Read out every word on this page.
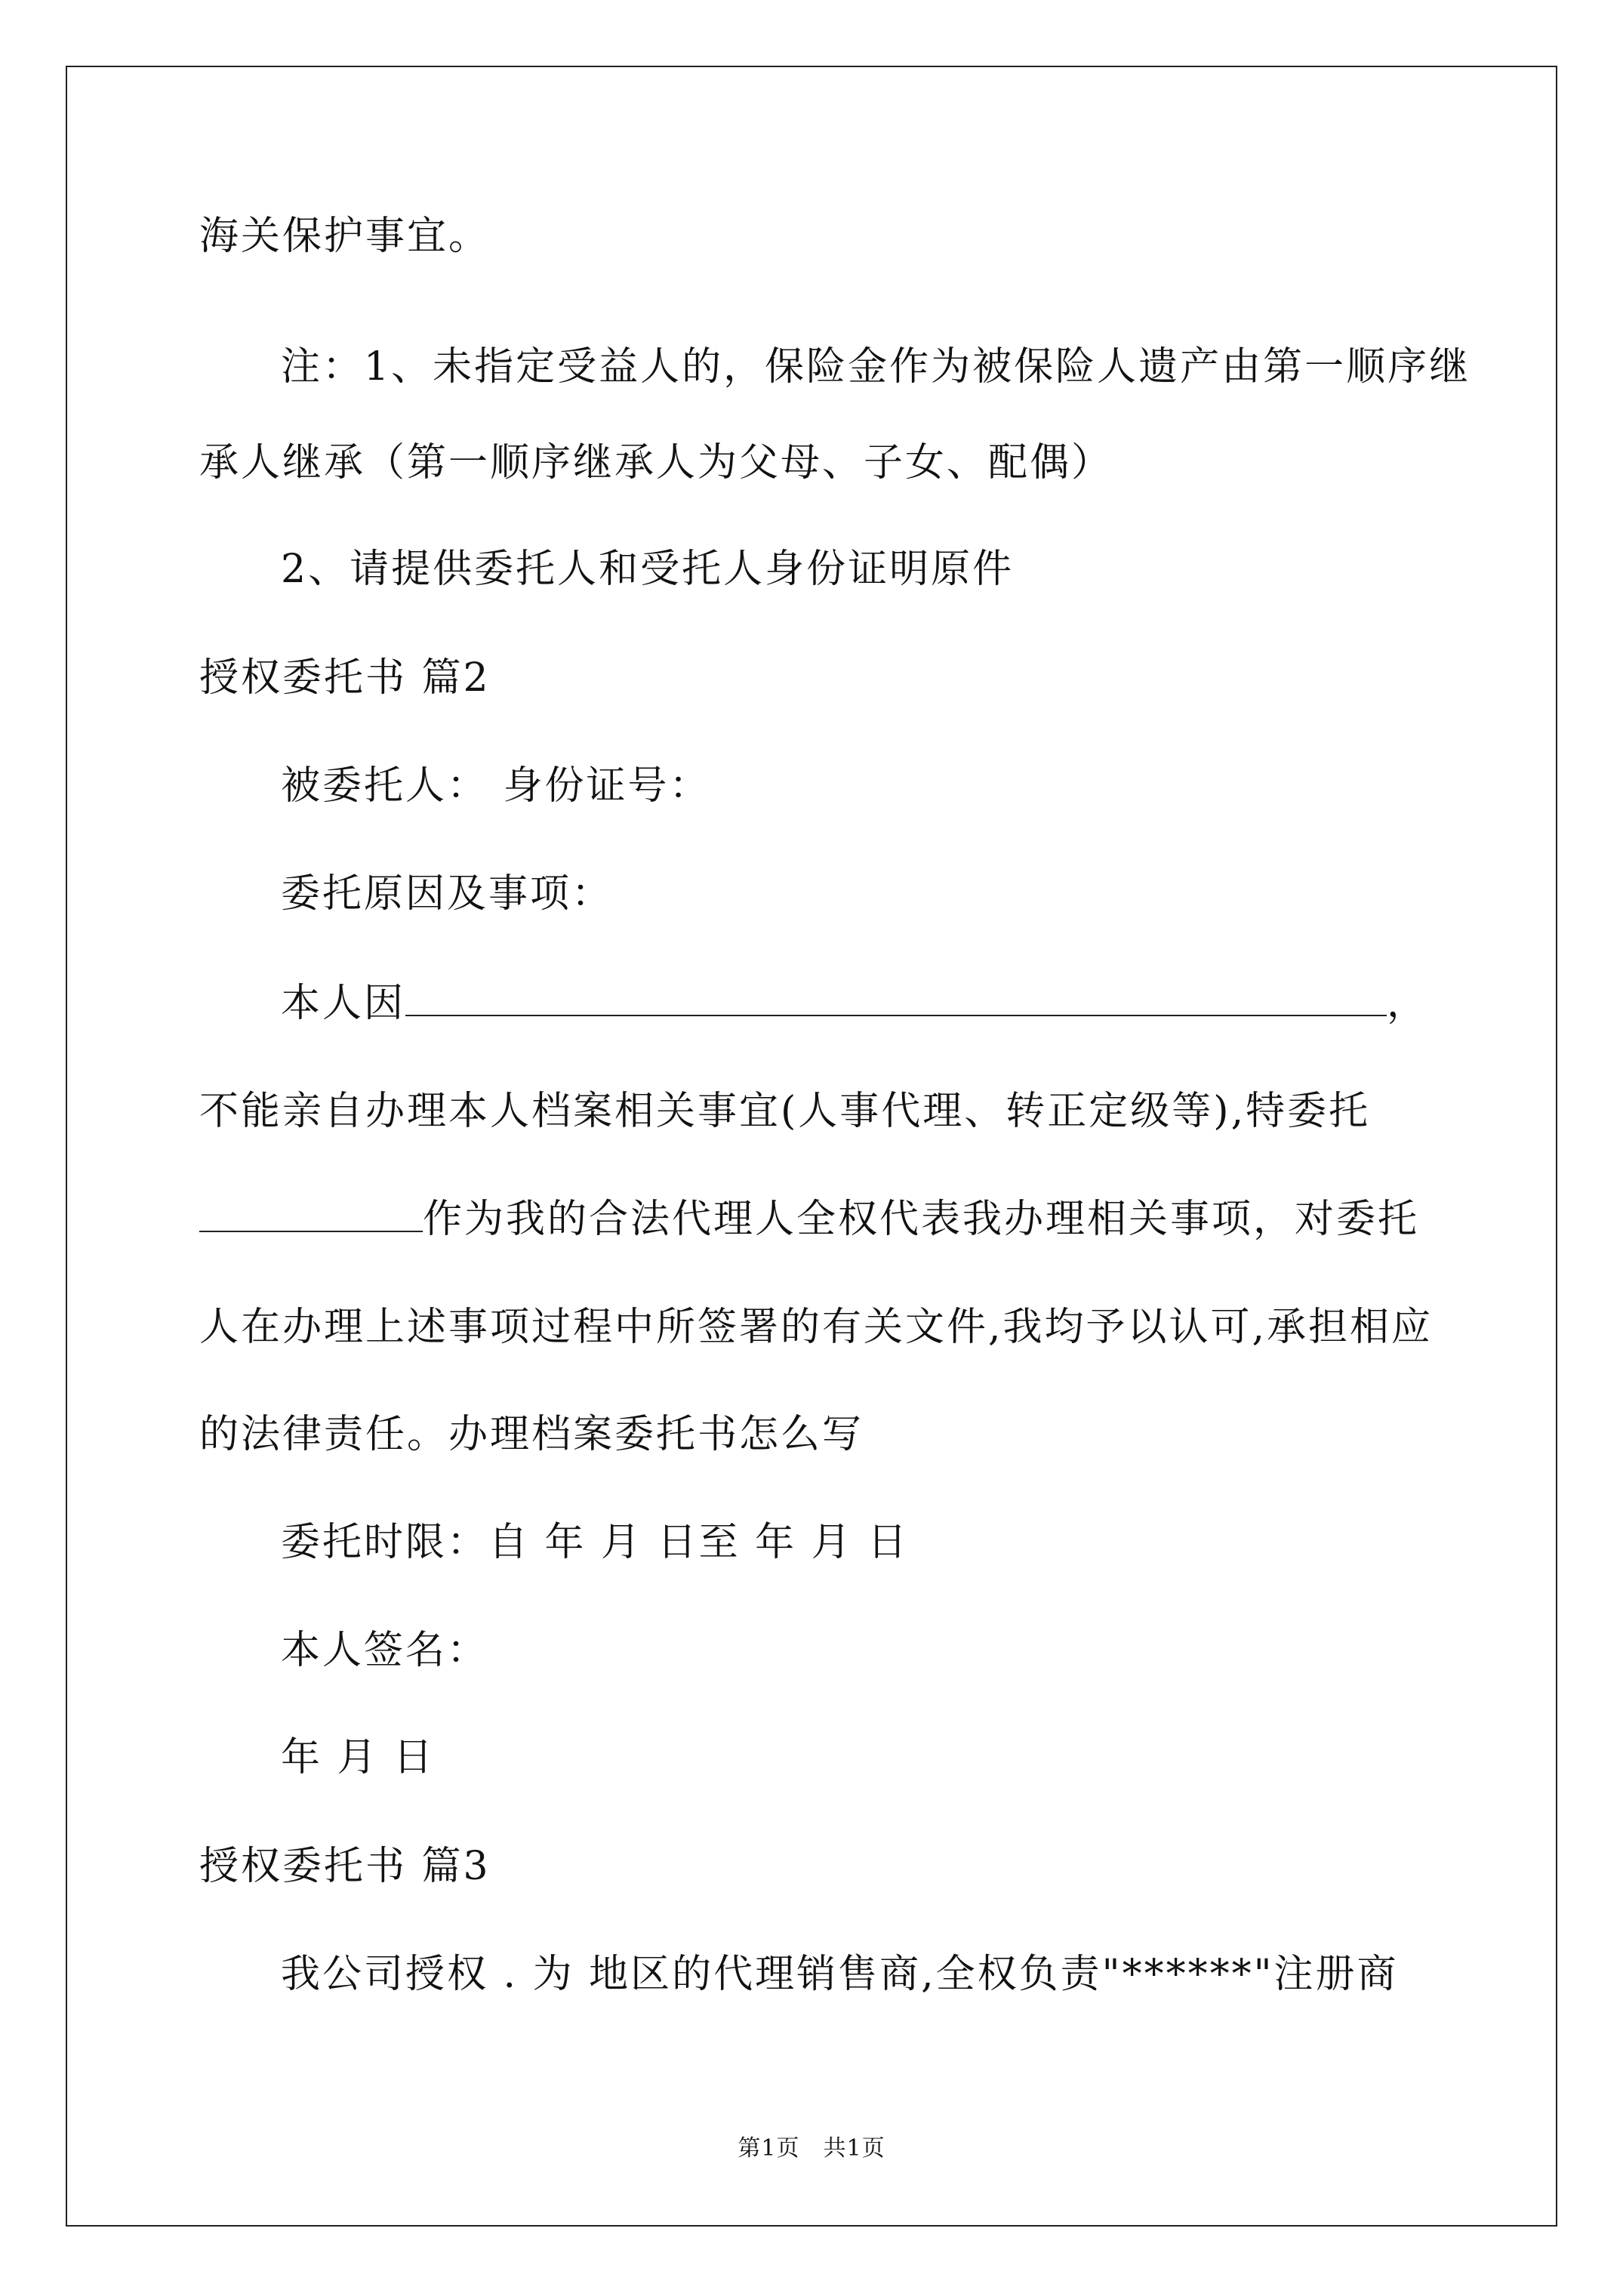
海关保护事宜。
注：1、未指定受益人的，保险金作为被保险人遗产由第一顺序继
承人继承（第一顺序继承人为父母、子女、配偶）
2、请提供委托人和受托人身份证明原件
授权委托书 篇2
被委托人： 身份证号：
委托原因及事项：
本人因	，
不能亲自办理本人档案相关事宜(人事代理、转正定级等),特委托
作为我的合法代理人全权代表我办理相关事项，对委托
人在办理上述事项过程中所签署的有关文件,我均予以认可,承担相应
的法律责任。办理档案委托书怎么写
委托时限：自 年 月 日至 年 月 日
本人签名：
年 月 日
授权委托书 篇3
我公司授权 . 为 地区的代理销售商,全权负责"******"注册商
第1页　共1页
